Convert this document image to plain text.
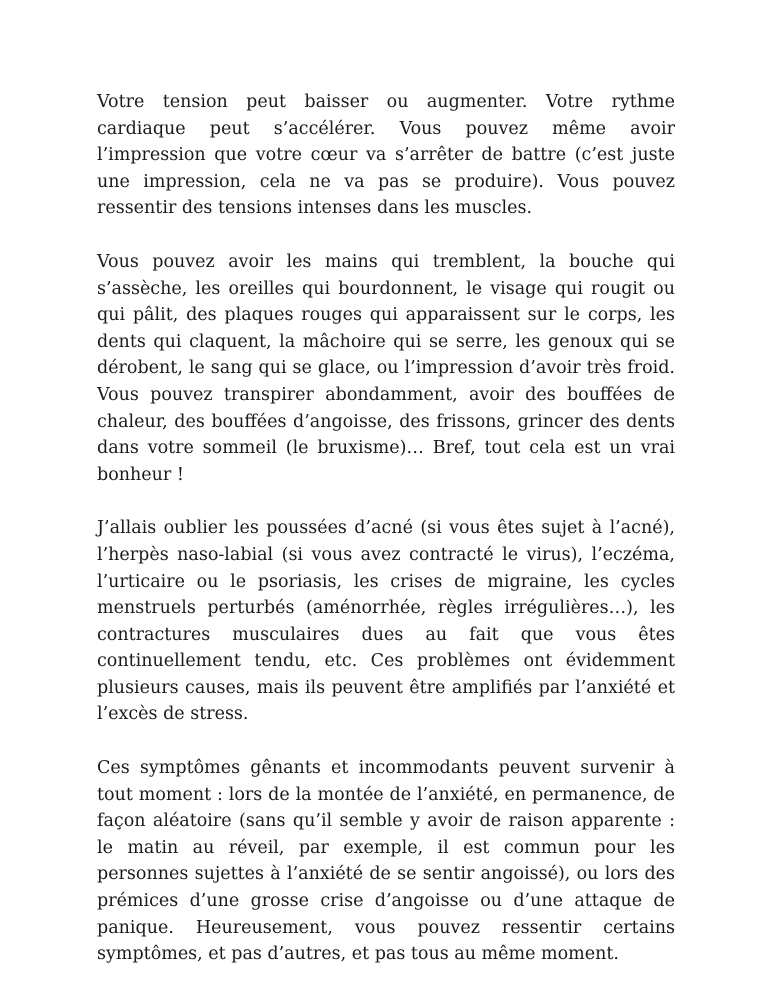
Votre tension peut baisser ou augmenter. Votre rythme cardiaque peut s’accélérer. Vous pouvez même avoir l’impression que votre cœur va s’arrêter de battre (c’est juste une impression, cela ne va pas se produire). Vous pouvez ressentir des tensions intenses dans les muscles.

Vous pouvez avoir les mains qui tremblent, la bouche qui s’assèche, les oreilles qui bourdonnent, le visage qui rougit ou qui pâlit, des plaques rouges qui apparaissent sur le corps, les dents qui claquent, la mâchoire qui se serre, les genoux qui se dérobent, le sang qui se glace, ou l’impression d’avoir très froid. Vous pouvez transpirer abondamment, avoir des bouffées de chaleur, des bouffées d’angoisse, des frissons, grincer des dents dans votre sommeil (le bruxisme)… Bref, tout cela est un vrai bonheur !

J’allais oublier les poussées d’acné (si vous êtes sujet à l’acné), l’herpès naso-labial (si vous avez contracté le virus), l’eczéma, l’urticaire ou le psoriasis, les crises de migraine, les cycles menstruels perturbés (aménorrhée, règles irrégulières…), les contractures musculaires dues au fait que vous êtes continuellement tendu, etc. Ces problèmes ont évidemment plusieurs causes, mais ils peuvent être amplifiés par l’anxiété et l’excès de stress.

Ces symptômes gênants et incommodants peuvent survenir à tout moment : lors de la montée de l’anxiété, en permanence, de façon aléatoire (sans qu’il semble y avoir de raison apparente : le matin au réveil, par exemple, il est commun pour les personnes sujettes à l’anxiété de se sentir angoissé), ou lors des prémices d’une grosse crise d’angoisse ou d’une attaque de panique. Heureusement, vous pouvez ressentir certains symptômes, et pas d’autres, et pas tous au même moment.
